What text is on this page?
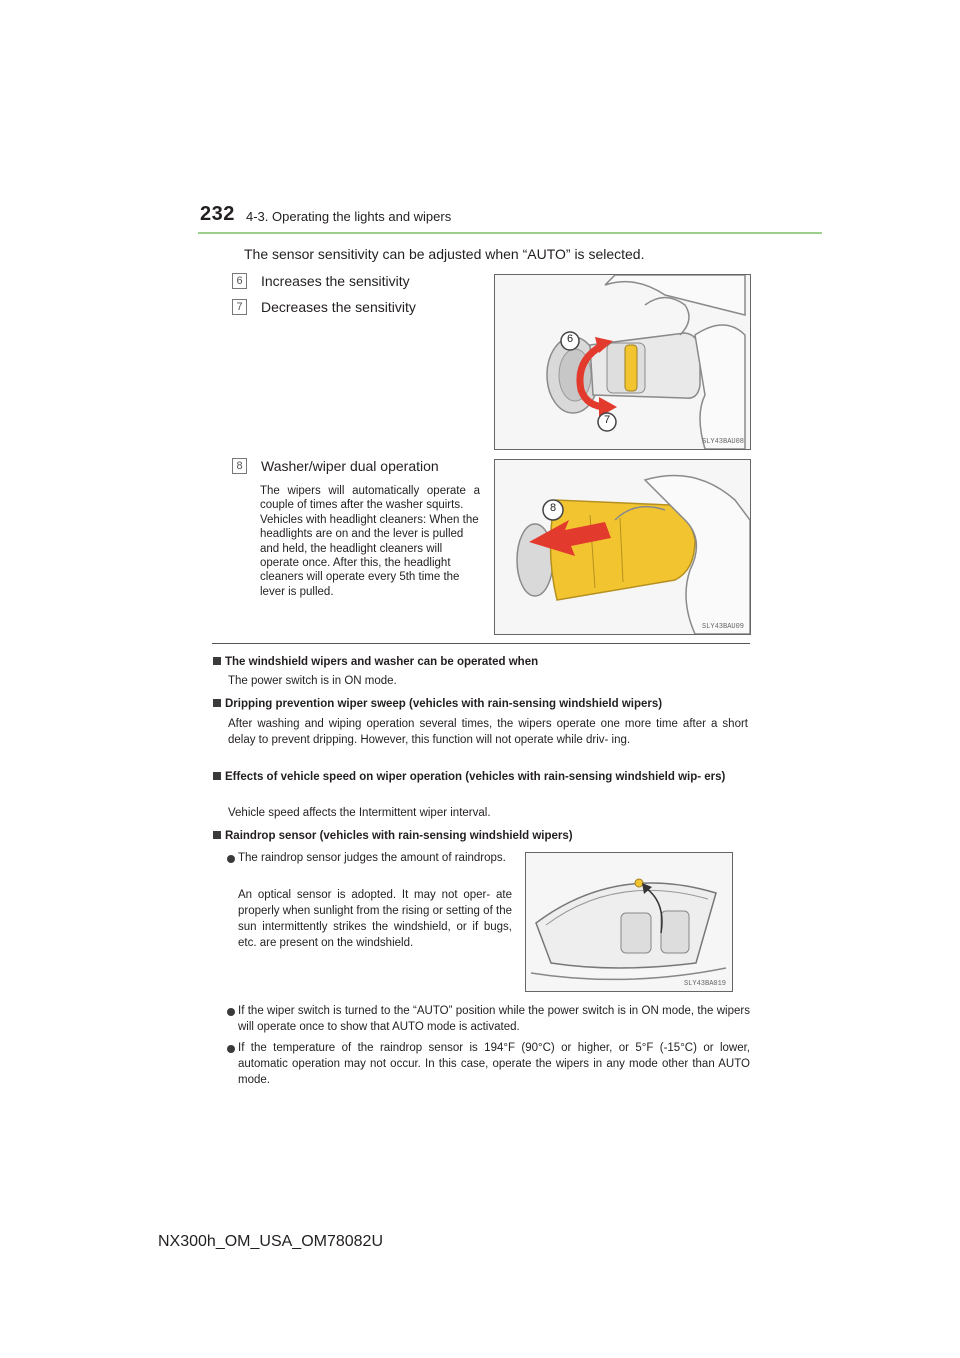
232 4-3. Operating the lights and wipers
The sensor sensitivity can be adjusted when “AUTO” is selected.
6	Increases the sensitivity
7	Decreases the sensitivity
6
7
SLY43BAU08
8	Washer/wiper dual operation

The wipers will automatically operate a couple of times after the washer squirts.

Vehicles with headlight cleaners: When the headlights are on and the lever is pulled and held, the headlight cleaners will operate once. After this, the headlight cleaners will operate every 5th time the lever is pulled.

8
SLY43BAU09
The windshield wipers and washer can be operated when
The power switch is in ON mode.
Dripping prevention wiper sweep (vehicles with rain-sensing windshield wipers)
After washing and wiping operation several times, the wipers operate one more time after a short delay to prevent dripping. However, this function will not operate while driv- ing.
Effects of vehicle speed on wiper operation (vehicles with rain-sensing windshield wip- ers)
Vehicle speed affects the Intermittent wiper interval.
Raindrop sensor (vehicles with rain-sensing windshield wipers)
The raindrop sensor judges the amount of raindrops.
An optical sensor is adopted. It may not oper- ate properly when sunlight from the rising or setting of the sun intermittently strikes the windshield, or if bugs, etc. are present on the windshield.
SLY43BA019
If the wiper switch is turned to the “AUTO” position while the power switch is in ON mode, the wipers will operate once to show that AUTO mode is activated.
If the temperature of the raindrop sensor is 194°F (90°C) or higher, or 5°F (-15°C) or lower, automatic operation may not occur. In this case, operate the wipers in any mode other than AUTO mode.
NX300h_OM_USA_OM78082U
